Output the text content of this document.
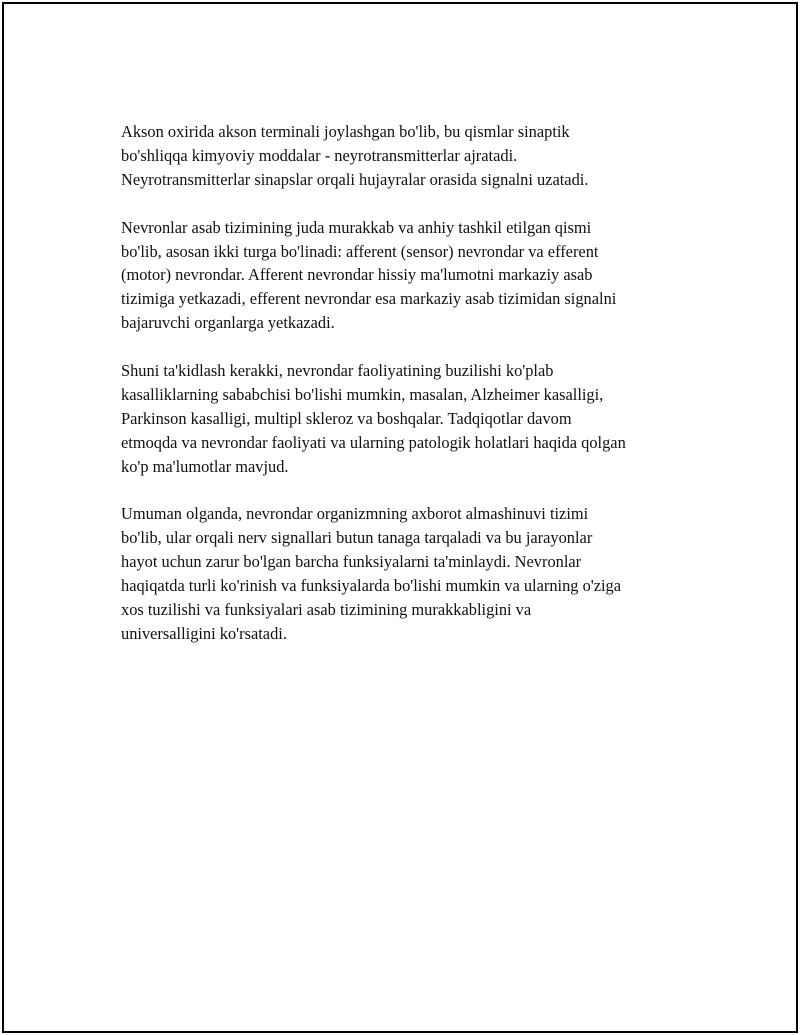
Akson oxirida akson terminali joylashgan bo'lib, bu qismlar sinaptik
bo'shliqqa kimyoviy moddalar - neyrotransmitterlar ajratadi.
Neyrotransmitterlar sinapslar orqali hujayralar orasida signalni uzatadi.

Nevronlar asab tizimining juda murakkab va anhiy tashkil etilgan qismi
bo'lib, asosan ikki turga bo'linadi: afferent (sensor) nevrondar va efferent
(motor) nevrondar. Afferent nevrondar hissiy ma'lumotni markaziy asab
tizimiga yetkazadi, efferent nevrondar esa markaziy asab tizimidan signalni
bajaruvchi organlarga yetkazadi.

Shuni ta'kidlash kerakki, nevrondar faoliyatining buzilishi ko'plab
kasalliklarning sababchisi bo'lishi mumkin, masalan, Alzheimer kasalligi,
Parkinson kasalligi, multipl skleroz va boshqalar. Tadqiqotlar davom
etmoqda va nevrondar faoliyati va ularning patologik holatlari haqida qolgan
ko'p ma'lumotlar mavjud.

Umuman olganda, nevrondar organizmning axborot almashinuvi tizimi
bo'lib, ular orqali nerv signallari butun tanaga tarqaladi va bu jarayonlar
hayot uchun zarur bo'lgan barcha funksiyalarni ta'minlaydi. Nevronlar
haqiqatda turli ko'rinish va funksiyalarda bo'lishi mumkin va ularning o'ziga
xos tuzilishi va funksiyalari asab tizimining murakkabligini va
universalligini ko'rsatadi.
